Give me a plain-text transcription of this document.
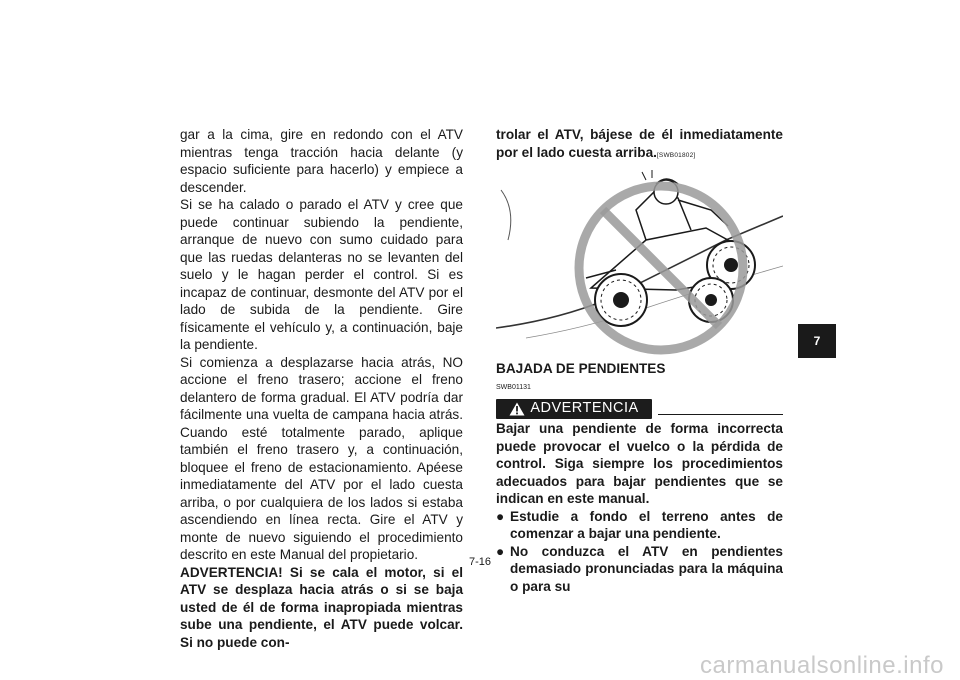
gar a la cima, gire en redondo con el ATV mientras tenga tracción hacia delante (y espacio suficiente para hacerlo) y empiece a descender.

Si se ha calado o parado el ATV y cree que puede continuar subiendo la pendiente, arranque de nuevo con sumo cuidado para que las ruedas delanteras no se levanten del suelo y le hagan perder el control. Si es incapaz de continuar, desmonte del ATV por el lado de subida de la pendiente. Gire físicamente el vehículo y, a continuación, baje la pendiente.

Si comienza a desplazarse hacia atrás, NO accione el freno trasero; accione el freno delantero de forma gradual. El ATV podría dar fácilmente una vuelta de campana hacia atrás. Cuando esté totalmente parado, aplique también el freno trasero y, a continuación, bloquee el freno de estacionamiento. Apéese inmediatamente del ATV por el lado cuesta arriba, o por cualquiera de los lados si estaba ascendiendo en línea recta. Gire el ATV y monte de nuevo siguiendo el procedimiento descrito en este Manual del propietario.

ADVERTENCIA! Si se cala el motor, si el ATV se desplaza hacia atrás o si se baja usted de él de forma inapropiada mientras sube una pendiente, el ATV puede volcar. Si no puede con-

trolar el ATV, bájese de él inmediatamente por el lado cuesta arriba.[SWB01802]

BAJADA DE PENDIENTES
SWB01131
ADVERTENCIA

Bajar una pendiente de forma incorrecta puede provocar el vuelco o la pérdida de control. Siga siempre los procedimientos adecuados para bajar pendientes que se indican en este manual.

● Estudie a fondo el terreno antes de comenzar a bajar una pendiente.
● No conduzca el ATV en pendientes demasiado pronunciadas para la máquina o para su
7-16
7
carmanualsonline.info
